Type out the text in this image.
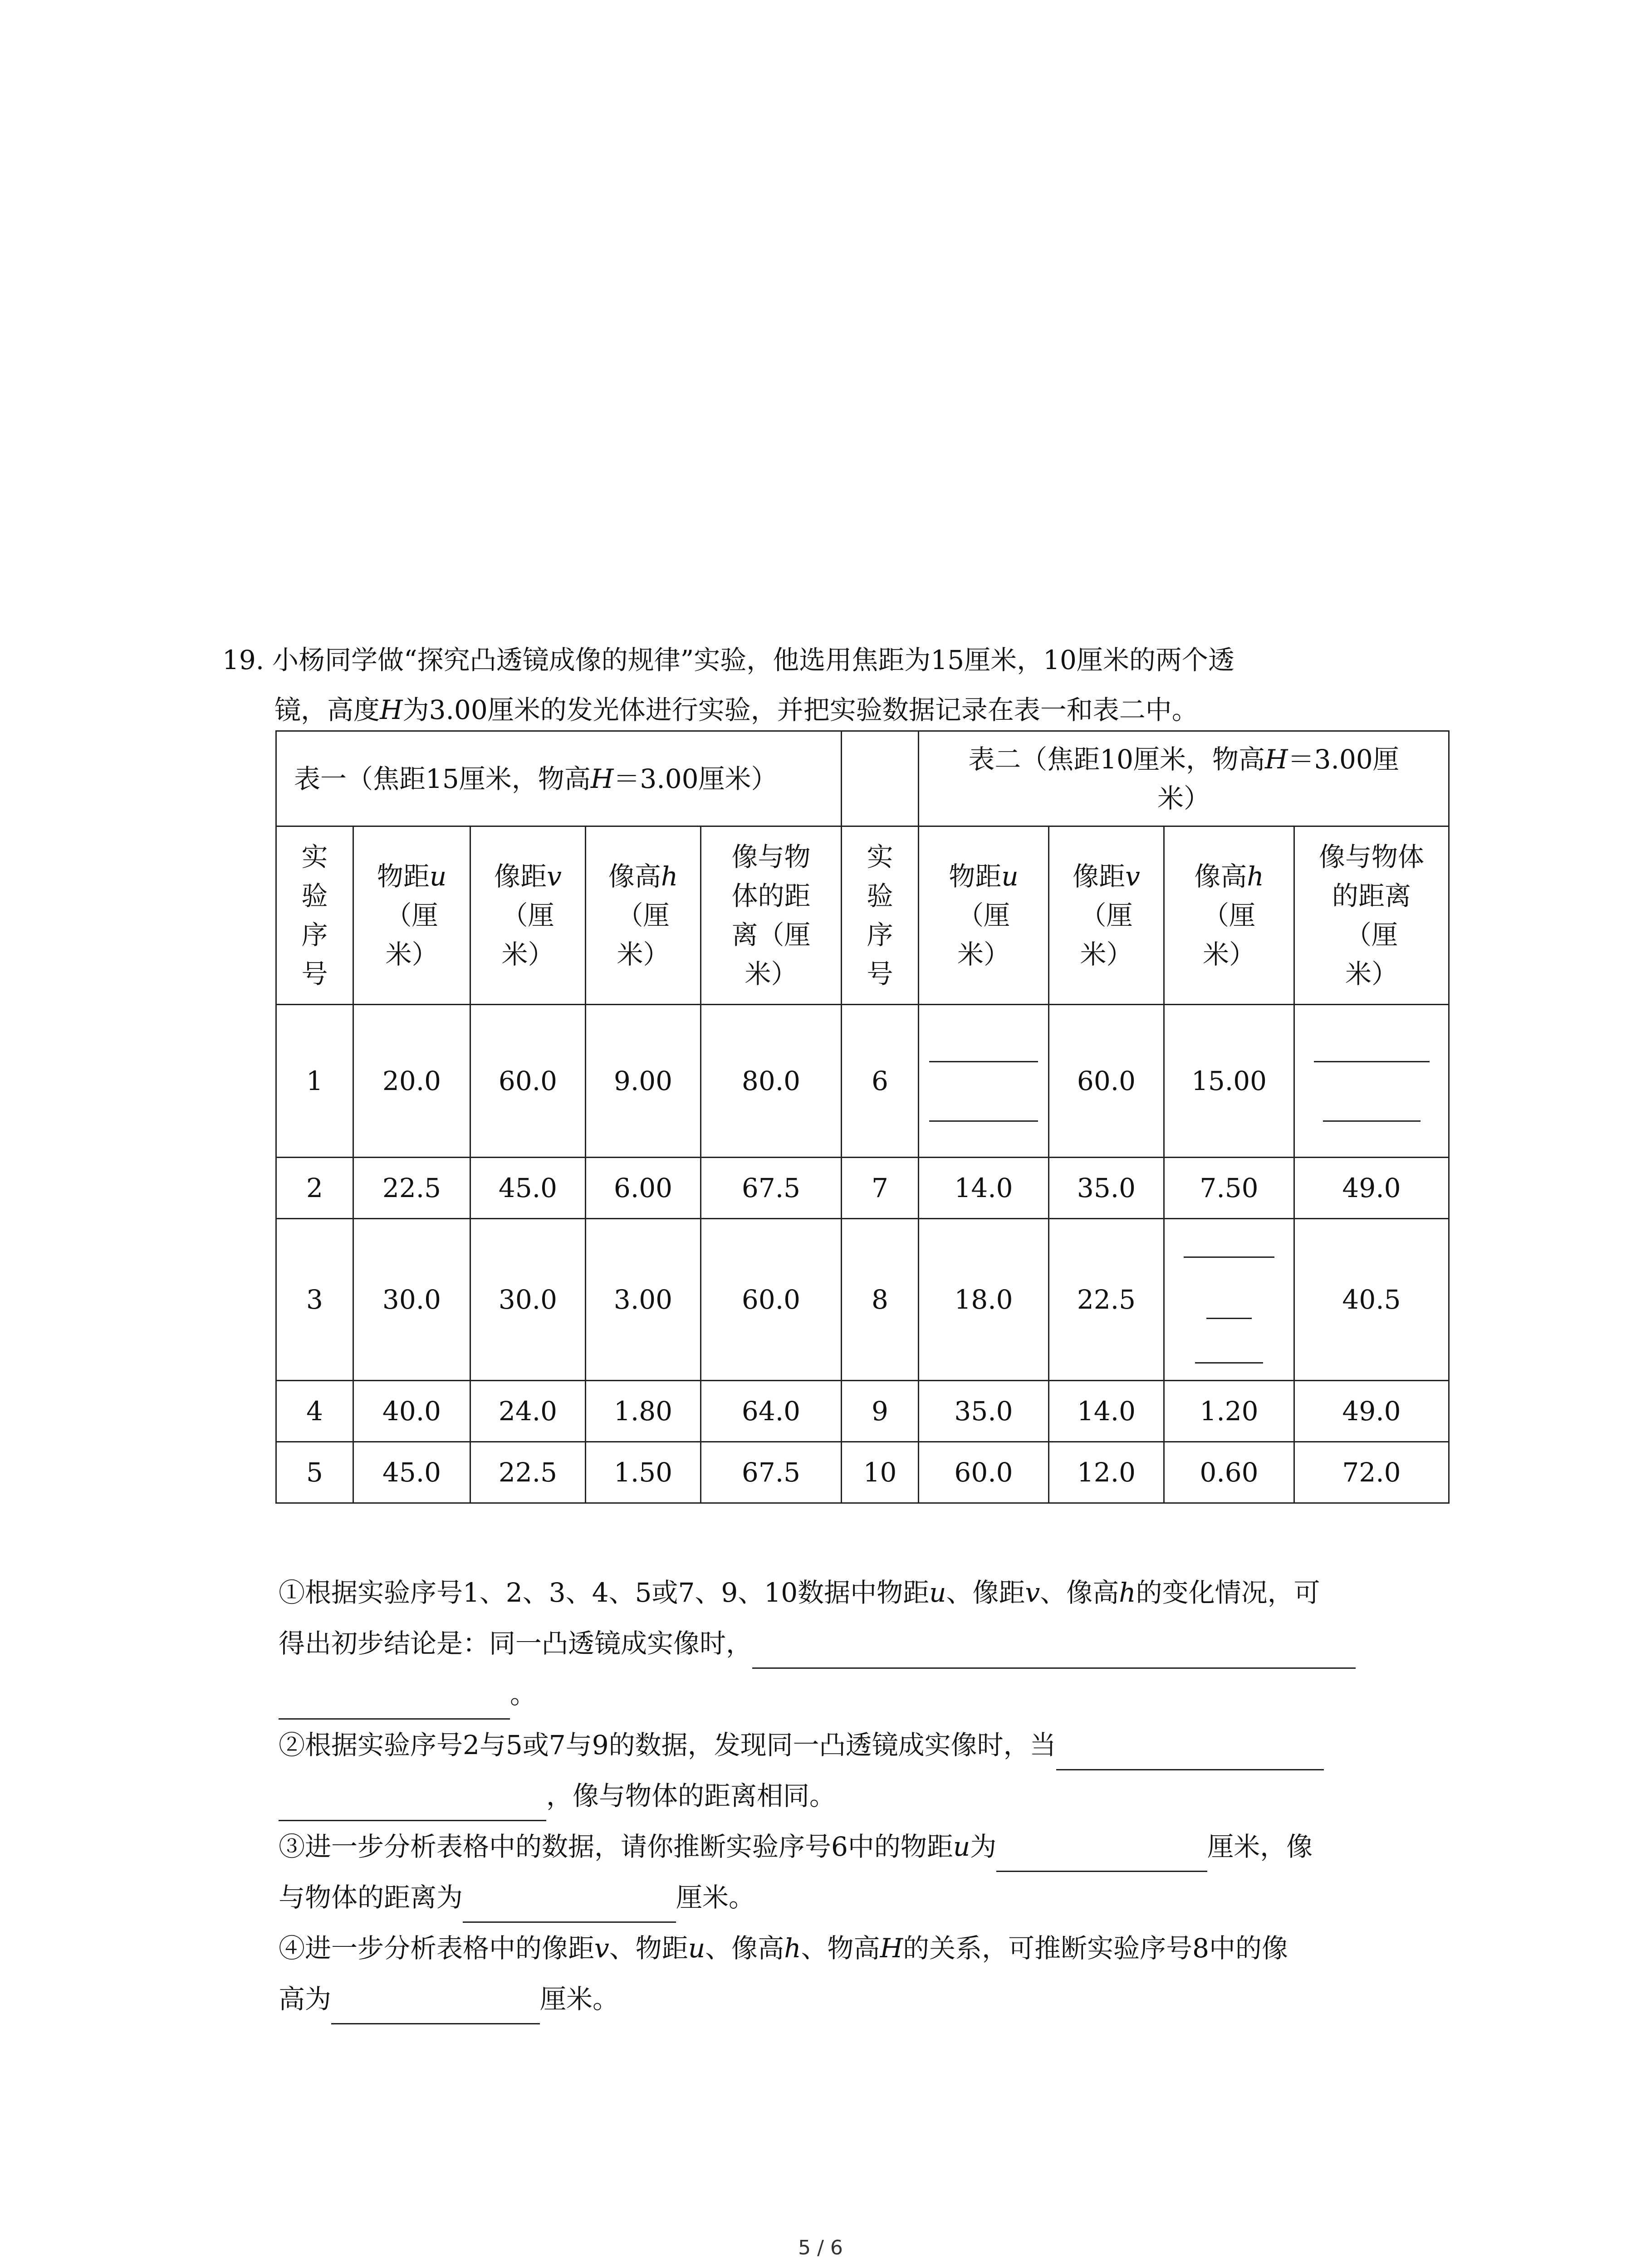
19. 小杨同学做“探究凸透镜成像的规律”实验，他选用焦距为15厘米，10厘米的两个透
镜，高度H为3.00厘米的发光体进行实验，并把实验数据记录在表一和表二中。
表一（焦距15厘米，物高H＝3.00厘米）						表二（焦距10厘米，物高H＝3.00厘
米）			
实
验
序
号	物距u
（厘
米）	像距v
（厘
米）	像高h
（厘
米）	像与物
体的距
离（厘
米）	实
验
序
号	物距u
（厘
米）	像距v
（厘
米）	像高h
（厘
米）	像与物体
的距离
（厘
米）
1	20.0	60.0	9.00	80.0	6		60.0	15.00	

2	22.5	45.0	6.00	67.5	7	14.0	35.0	7.50	49.0
3	30.0	30.0	3.00	60.0	8	18.0	22.5		40.5
4	40.0	24.0	1.80	64.0	9	35.0	14.0	1.20	49.0
5	45.0	22.5	1.50	67.5	10	60.0	12.0	0.60	72.0
①根据实验序号1、2、3、4、5或7、9、10数据中物距u、像距v、像高h的变化情况，可
得出初步结论是：同一凸透镜成实像时，
。
②根据实验序号2与5或7与9的数据，发现同一凸透镜成实像时，当
，像与物体的距离相同。
③进一步分析表格中的数据，请你推断实验序号6中的物距u为	厘米，像
与物体的距离为	厘米。
④进一步分析表格中的像距v、物距u、像高h、物高H的关系，可推断实验序号8中的像
高为	厘米。
5 / 6
